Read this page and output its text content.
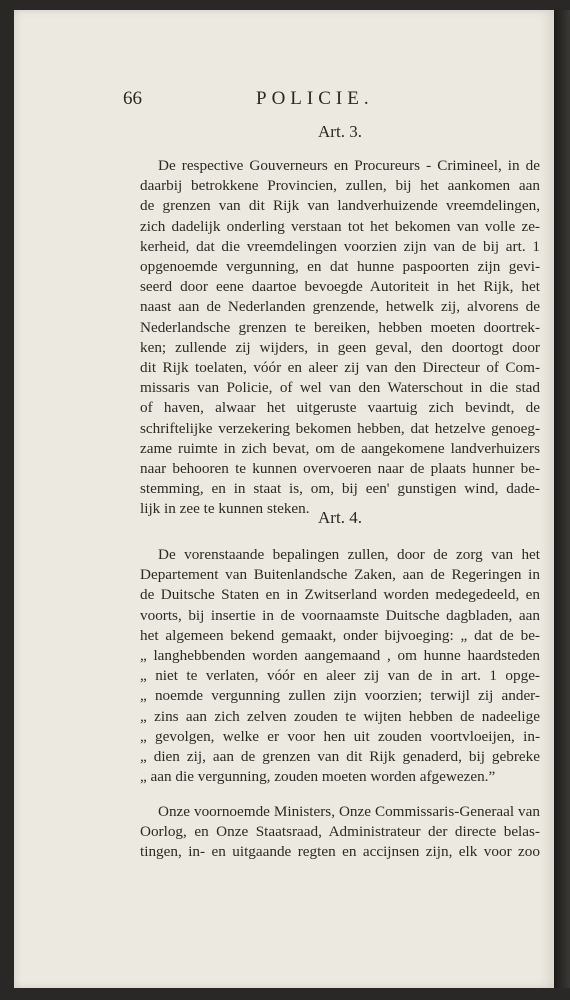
66	POLICIE.
Art. 3.
De respective Gouverneurs en Procureurs - Crimineel, in de
daarbij betrokkene Provincien, zullen, bij het aankomen aan
de grenzen van dit Rijk van landverhuizende vreemdelingen,
zich dadelijk onderling verstaan tot het bekomen van volle ze-
kerheid, dat die vreemdelingen voorzien zijn van de bij art. 1
opgenoemde vergunning, en dat hunne paspoorten zijn gevi-
seerd door eene daartoe bevoegde Autoriteit in het Rijk, het
naast aan de Nederlanden grenzende, hetwelk zij, alvorens de
Nederlandsche grenzen te bereiken, hebben moeten doortrek-
ken; zullende zij wijders, in geen geval, den doortogt door
dit Rijk toelaten, vóór en aleer zij van den Directeur of Com-
missaris van Policie, of wel van den Waterschout in die stad
of haven, alwaar het uitgeruste vaartuig zich bevindt, de
schriftelijke verzekering bekomen hebben, dat hetzelve genoeg-
zame ruimte in zich bevat, om de aangekomene landverhuizers
naar behooren te kunnen overvoeren naar de plaats hunner be-
stemming, en in staat is, om, bij een' gunstigen wind, dade-
lijk in zee te kunnen steken. Art. 4.
De vorenstaande bepalingen zullen, door de zorg van het
Departement van Buitenlandsche Zaken, aan de Regeringen in
de Duitsche Staten en in Zwitserland worden medegedeeld, en
voorts, bij insertie in de voornaamste Duitsche dagbladen, aan
het algemeen bekend gemaakt, onder bijvoeging: „ dat de be-
„ langhebbenden worden aangemaand , om hunne haardsteden
„ niet te verlaten, vóór en aleer zij van de in art. 1 opge-
„ noemde vergunning zullen zijn voorzien; terwijl zij ander-
„ zins aan zich zelven zouden te wijten hebben de nadeelige
„ gevolgen, welke er voor hen uit zouden voortvloeijen, in-
„ dien zij, aan de grenzen van dit Rijk genaderd, bij gebreke
„ aan die vergunning, zouden moeten worden afgewezen.”
Onze voornoemde Ministers, Onze Commissaris-Generaal van
Oorlog, en Onze Staatsraad, Administrateur der directe belas-
tingen, in- en uitgaande regten en accijnsen zijn, elk voor zoo
